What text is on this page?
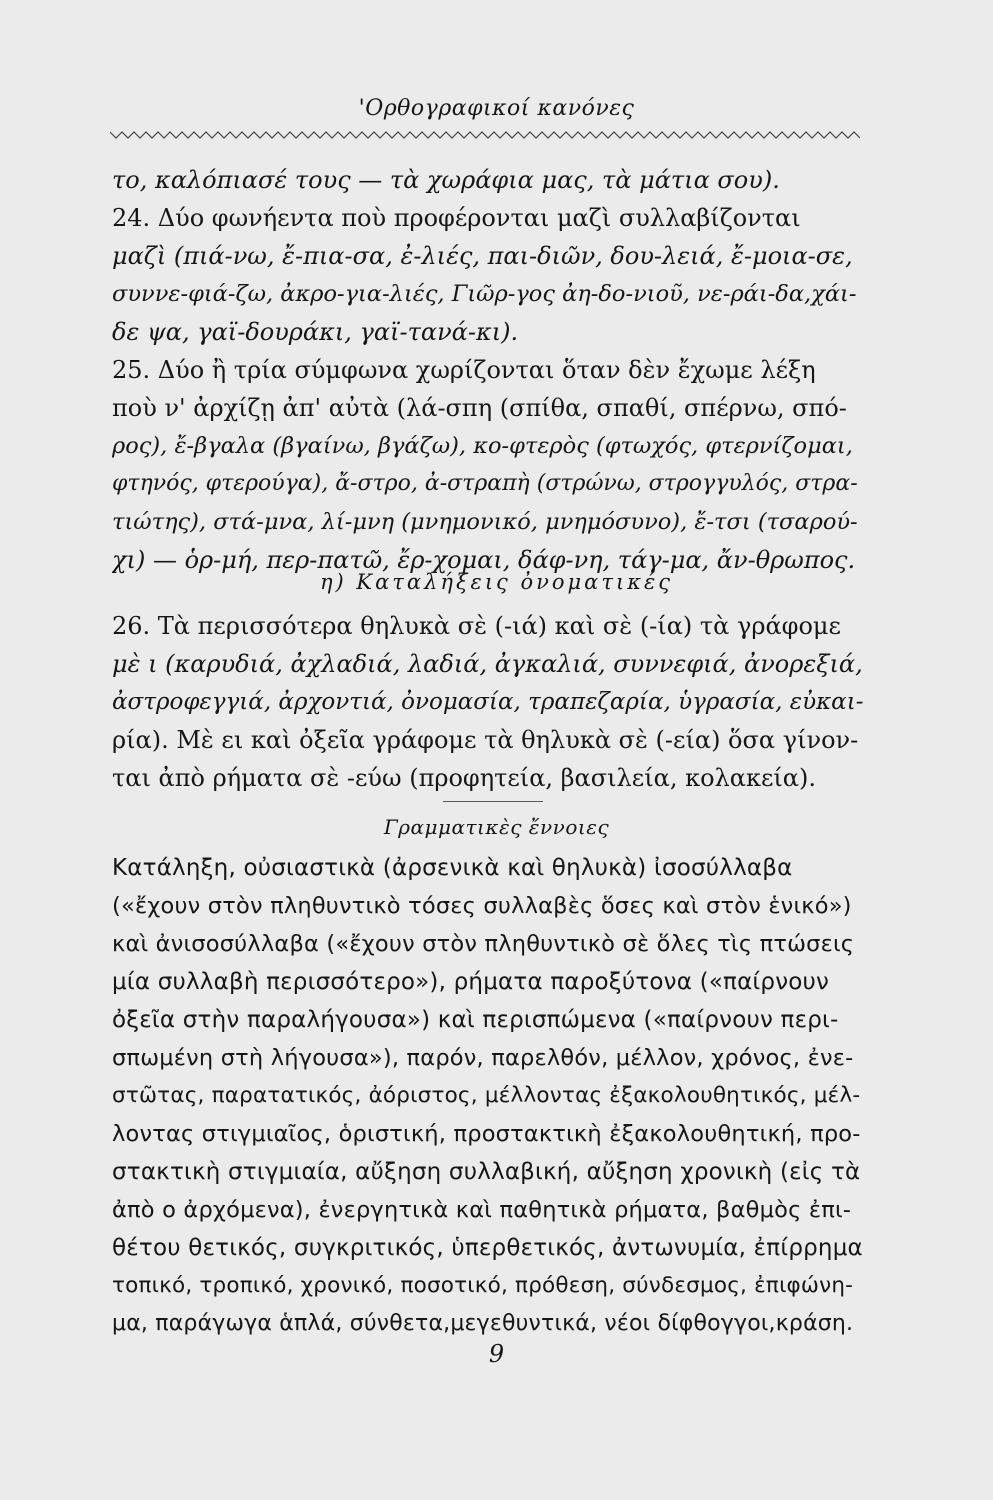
'Ορθογραφικοί κανόνες
το, καλόπιασέ τους — τὰ χωράφια μας, τὰ μάτια σου).
24. Δύο φωνήεντα ποὺ προφέρονται μαζὶ συλλαβίζονται
μαζὶ (πιά-νω, ἔ-πια-σα, ἐ-λιές, παι-διῶν, δου-λειά, ἔ-μοια-σε,
συννε-φιά-ζω, ἀκρο-για-λιές, Γιῶρ-γος ἀη-δο-νιοῦ, νε-ράι-δα,χάι-
δε ψα, γαϊ-δουράκι, γαϊ-τανά-κι).
25. Δύο ἢ τρία σύμφωνα χωρίζονται ὅταν δὲν ἔχωμε λέξη
ποὺ ν' ἀρχίζῃ ἀπ' αὐτὰ (λά-σπη (σπίθα, σπαθί, σπέρνω, σπό-
ρος), ἔ-βγαλα (βγαίνω, βγάζω), κο-φτερὸς (φτωχός, φτερνίζομαι,
φτηνός, φτερούγα), ἄ-στρο, ἀ-στραπὴ (στρώνω, στρογγυλός, στρα-
τιώτης), στά-μνα, λί-μνη (μνημονικό, μνημόσυνο), ἔ-τσι (τσαρού-
χι) — ὁρ-μή, περ-πατῶ, ἔρ-χομαι, δάφ-νη, τάγ-μα, ἄν-θρωπος.
η) Καταλήξεις ὀνοματικές
26. Τὰ περισσότερα θηλυκὰ σὲ (-ιά) καὶ σὲ (-ία) τὰ γράφομε
μὲ ι (καρυδιά, ἀχλαδιά, λαδιά, ἀγκαλιά, συννεφιά, ἀνορεξιά,
ἀστροφεγγιά, ἀρχοντιά, ὀνομασία, τραπεζαρία, ὑγρασία, εὐκαι-
ρία). Μὲ ει καὶ ὀξεῖα γράφομε τὰ θηλυκὰ σὲ (-εία) ὅσα γίνον-
ται ἀπὸ ρήματα σὲ -εύω (προφητεία, βασιλεία, κολακεία).
Γραμματικὲς ἔννοιες
Κατάληξη, οὐσιαστικὰ (ἀρσενικὰ καὶ θηλυκὰ) ἰσοσύλλαβα
(«ἔχουν στὸν πληθυντικὸ τόσες συλλαβὲς ὅσες καὶ στὸν ἑνικό»)
καὶ ἀνισοσύλλαβα («ἔχουν στὸν πληθυντικὸ σὲ ὅλες τὶς πτώσεις
μία συλλαβὴ περισσότερο»), ρήματα παροξύτονα («παίρνουν
ὀξεῖα στὴν παραλήγουσα») καὶ περισπώμενα («παίρνουν περι-
σπωμένη στὴ λήγουσα»), παρόν, παρελθόν, μέλλον, χρόνος, ἐνε-
στῶτας, παρατατικός, ἀόριστος, μέλλοντας ἐξακολουθητικός, μέλ-
λοντας στιγμιαῖος, ὁριστική, προστακτικὴ ἐξακολουθητική, προ-
στακτικὴ στιγμιαία, αὔξηση συλλαβική, αὔξηση χρονικὴ (εἰς τὰ
ἀπὸ ο ἀρχόμενα), ἐνεργητικὰ καὶ παθητικὰ ρήματα, βαθμὸς ἐπι-
θέτου θετικός, συγκριτικός, ὑπερθετικός, ἀντωνυμία, ἐπίρρημα
τοπικό, τροπικό, χρονικό, ποσοτικό, πρόθεση, σύνδεσμος, ἐπιφώνη-
μα, παράγωγα ἁπλά, σύνθετα,μεγεθυντικά, νέοι δίφθογγοι,κράση.
9
